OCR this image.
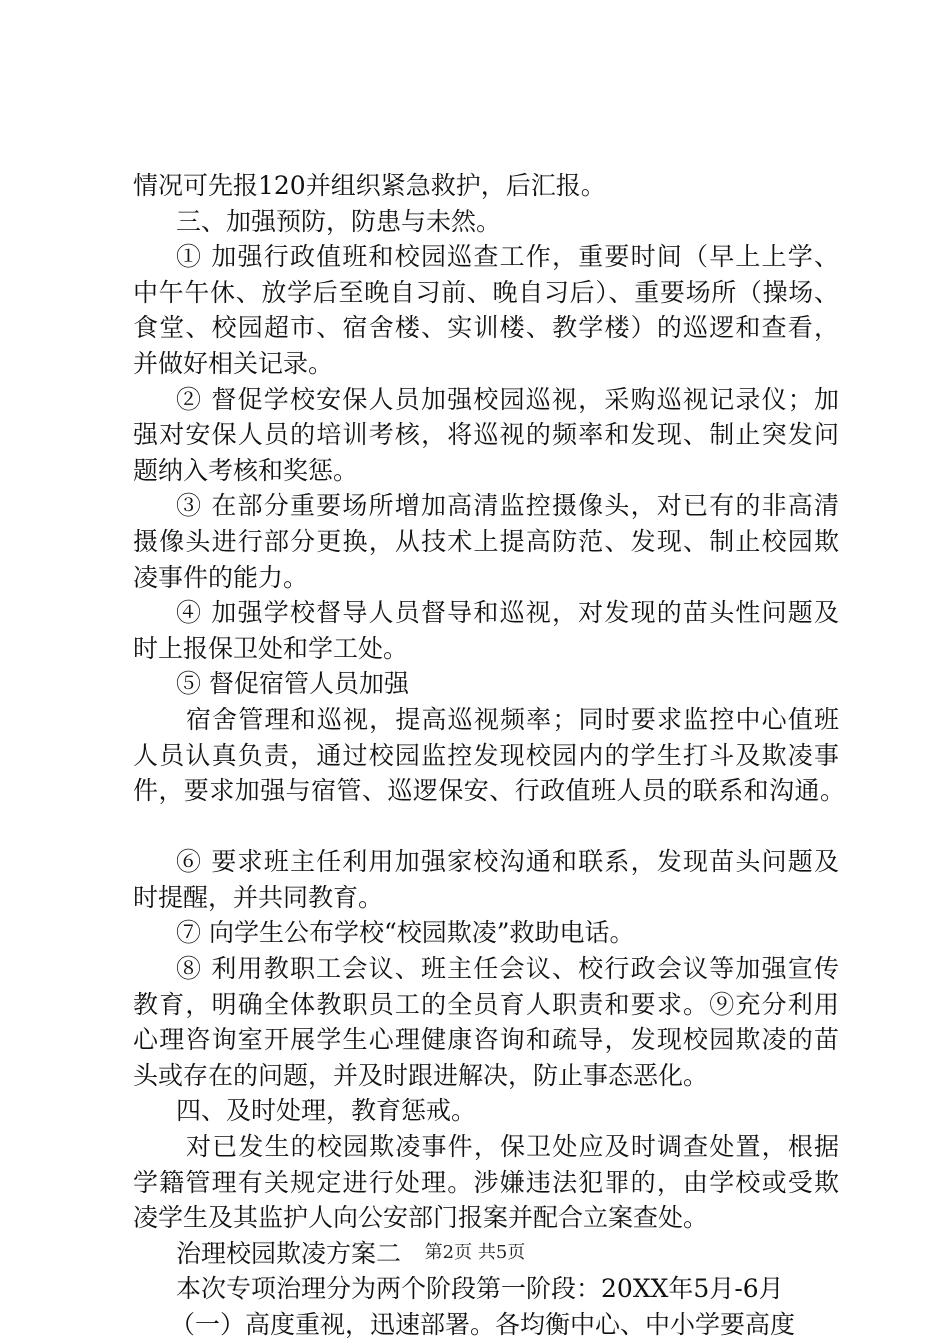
情况可先报120并组织紧急救护，后汇报。
三、加强预防，防患与未然。
① 加强行政值班和校园巡查工作，重要时间（早上上学、
中午午休、放学后至晚自习前、晚自习后）、重要场所（操场、
食堂、校园超市、宿舍楼、实训楼、教学楼）的巡逻和查看，
并做好相关记录。
② 督促学校安保人员加强校园巡视，采购巡视记录仪；加
强对安保人员的培训考核，将巡视的频率和发现、制止突发问
题纳入考核和奖惩。
③ 在部分重要场所增加高清监控摄像头，对已有的非高清
摄像头进行部分更换，从技术上提高防范、发现、制止校园欺
凌事件的能力。
④ 加强学校督导人员督导和巡视，对发现的苗头性问题及
时上报保卫处和学工处。
⑤ 督促宿管人员加强
宿舍管理和巡视，提高巡视频率；同时要求监控中心值班
人员认真负责，通过校园监控发现校园内的学生打斗及欺凌事
件，要求加强与宿管、巡逻保安、行政值班人员的联系和沟通。
⑥ 要求班主任利用加强家校沟通和联系，发现苗头问题及
时提醒，并共同教育。
⑦ 向学生公布学校“校园欺凌”救助电话。
⑧ 利用教职工会议、班主任会议、校行政会议等加强宣传
教育，明确全体教职员工的全员育人职责和要求。⑨充分利用
心理咨询室开展学生心理健康咨询和疏导，发现校园欺凌的苗
头或存在的问题，并及时跟进解决，防止事态恶化。
四、及时处理，教育惩戒。
对已发生的校园欺凌事件，保卫处应及时调查处置，根据
学籍管理有关规定进行处理。涉嫌违法犯罪的，由学校或受欺
凌学生及其监护人向公安部门报案并配合立案查处。
治理校园欺凌方案二
本次专项治理分为两个阶段第一阶段：20XX年5月-6月
（一）高度重视，迅速部署。各均衡中心、中小学要高度
第2页 共5页
